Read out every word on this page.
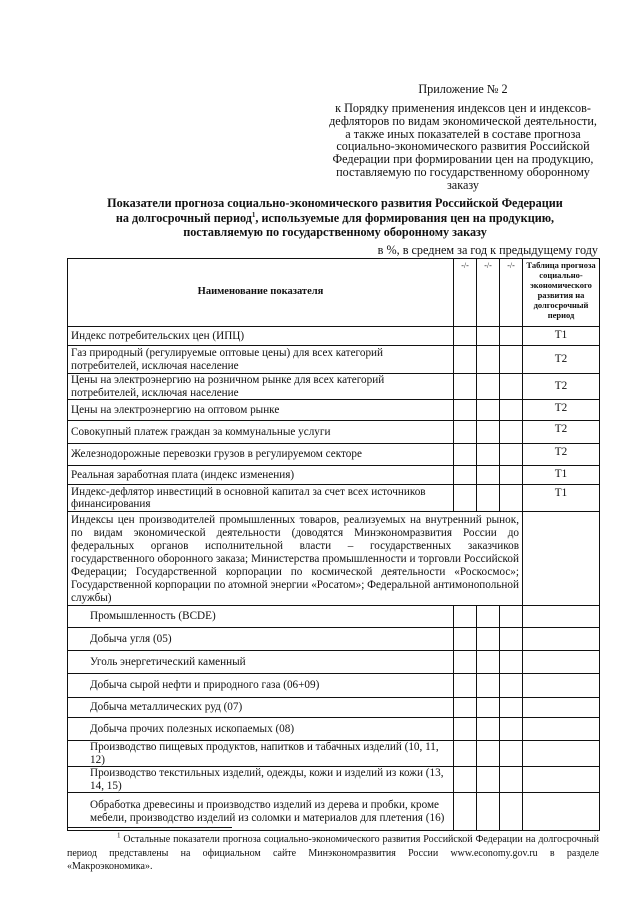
Приложение № 2
к Порядку применения индексов цен и индексов-
дефляторов по видам экономической деятельности,
а также иных показателей в составе прогноза
социально-экономического развития Российской
Федерации при формировании цен на продукцию,
поставляемую по государственному оборонному
заказу
Показатели прогноза социально-экономического развития Российской Федерации
на долгосрочный период$^1$, используемые для формирования цен на продукцию,
поставляемую по государственному оборонному заказу
в %, в среднем за год к предыдущему году
Наименование показателя	-/-	-/-	-/-	Таблица прогноза социально-экономического развития на долгосрочный период
Индекс потребительских цен (ИПЦ)				T1
Газ природный (регулируемые оптовые цены) для всех категорий потребителей, исключая население				T2
Цены на электроэнергию на розничном рынке для всех категорий потребителей, исключая население				T2
Цены на электроэнергию на оптовом рынке				T2
Совокупный платеж граждан за коммунальные услуги				T2
Железнодорожные перевозки грузов в регулируемом секторе				T2
Реальная заработная плата (индекс изменения)				T1
Индекс-дефлятор инвестиций в основной капитал за счет всех источников финансирования				T1
Индексы цен производителей промышленных товаров, реализуемых на внутренний рынок, по видам экономической деятельности (доводятся Минэкономразвития России до федеральных органов исполнительной власти – государственных заказчиков государственного оборонного заказа; Министерства промышленности и торговли Российской Федерации; Государственной корпорации по космической деятельности «Роскосмос»; Государственной корпорации по атомной энергии «Росатом»; Федеральной антимонопольной службы)				
Промышленность (BCDE)				
Добыча угля (05)				
Уголь энергетический каменный				
Добыча сырой нефти и природного газа (06+09)				
Добыча металлических руд (07)				
Добыча прочих полезных ископаемых (08)				
Производство пищевых продуктов, напитков и табачных изделий (10, 11, 12)				
Производство текстильных изделий, одежды, кожи и изделий из кожи (13, 14, 15)				
Обработка древесины и производство изделий из дерева и пробки, кроме мебели, производство изделий из соломки и материалов для плетения (16)				
$^1$ Остальные показатели прогноза социально-экономического развития Российской Федерации на долгосрочный период представлены на официальном сайте Минэкономразвития России www.economy.gov.ru в разделе «Макроэкономика».
